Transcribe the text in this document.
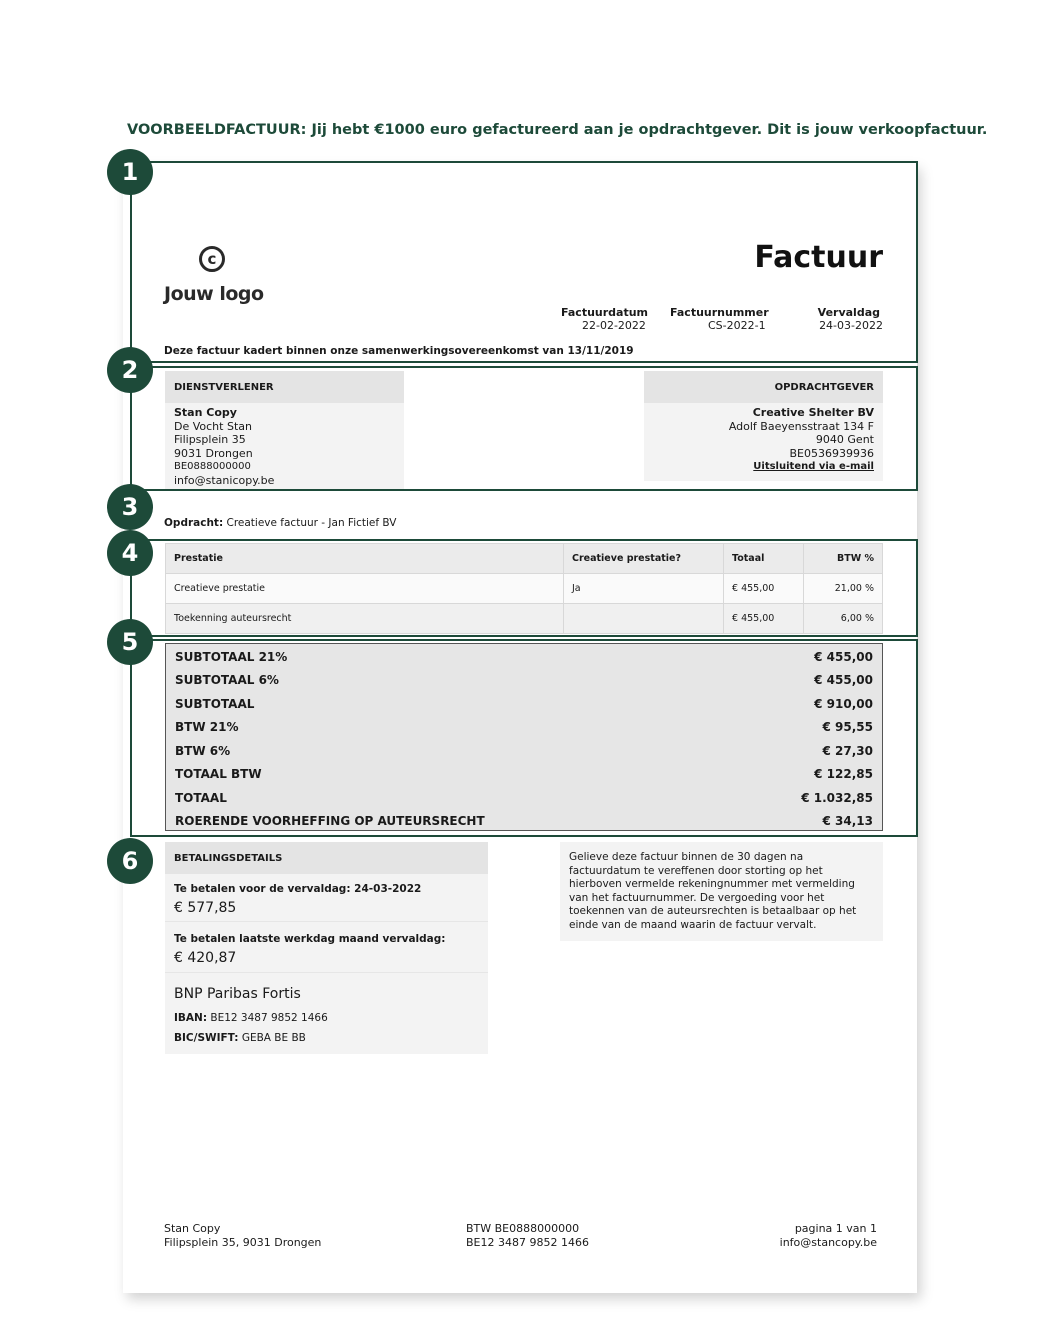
VOORBEELDFACTUUR: Jij hebt €1000 euro gefactureerd aan je opdrachtgever. Dit is jouw verkoopfactuur.
1
2
3
4
5
6
c
Jouw logo
Factuur
Factuurdatum
22-02-2022
Factuurnummer
CS-2022-1
Vervaldag
24-03-2022
Deze factuur kadert binnen onze samenwerkingsovereenkomst van 13/11/2019
DIENSTVERLENER
Stan Copy
De Vocht Stan
Filipsplein 35
9031 Drongen
BE0888000000
info@stanicopy.be
OPDRACHTGEVER
Creative Shelter BV
Adolf Baeyensstraat 134 F
9040 Gent
BE0536939936
Uitsluitend via e-mail
Opdracht: Creatieve factuur - Jan Fictief BV
Prestatie	Creatieve prestatie?	Totaal	BTW %
Creatieve prestatie	Ja	€ 455,00	21,00 %
Toekenning auteursrecht		€ 455,00	6,00 %
SUBTOTAAL 21%	€ 455,00
SUBTOTAAL 6%	€ 455,00
SUBTOTAAL	€ 910,00
BTW 21%	€ 95,55
BTW 6%	€ 27,30
TOTAAL BTW	€ 122,85
TOTAAL	€ 1.032,85
ROERENDE VOORHEFFING OP AUTEURSRECHT	€ 34,13
BETALINGSDETAILS
Te betalen voor de vervaldag: 24-03-2022
€ 577,85
Te betalen laatste werkdag maand vervaldag:
€ 420,87
BNP Paribas Fortis
IBAN: BE12 3487 9852 1466
BIC/SWIFT: GEBA BE BB
Gelieve deze factuur binnen de 30 dagen na factuurdatum te vereffenen door storting op het hierboven vermelde rekeningnummer met vermelding van het factuurnummer. De vergoeding voor het toekennen van de auteursrechten is betaalbaar op het einde van de maand waarin de factuur vervalt.
Stan Copy
Filipsplein 35, 9031 Drongen
BTW BE0888000000
BE12 3487 9852 1466
pagina 1 van 1
info@stancopy.be
